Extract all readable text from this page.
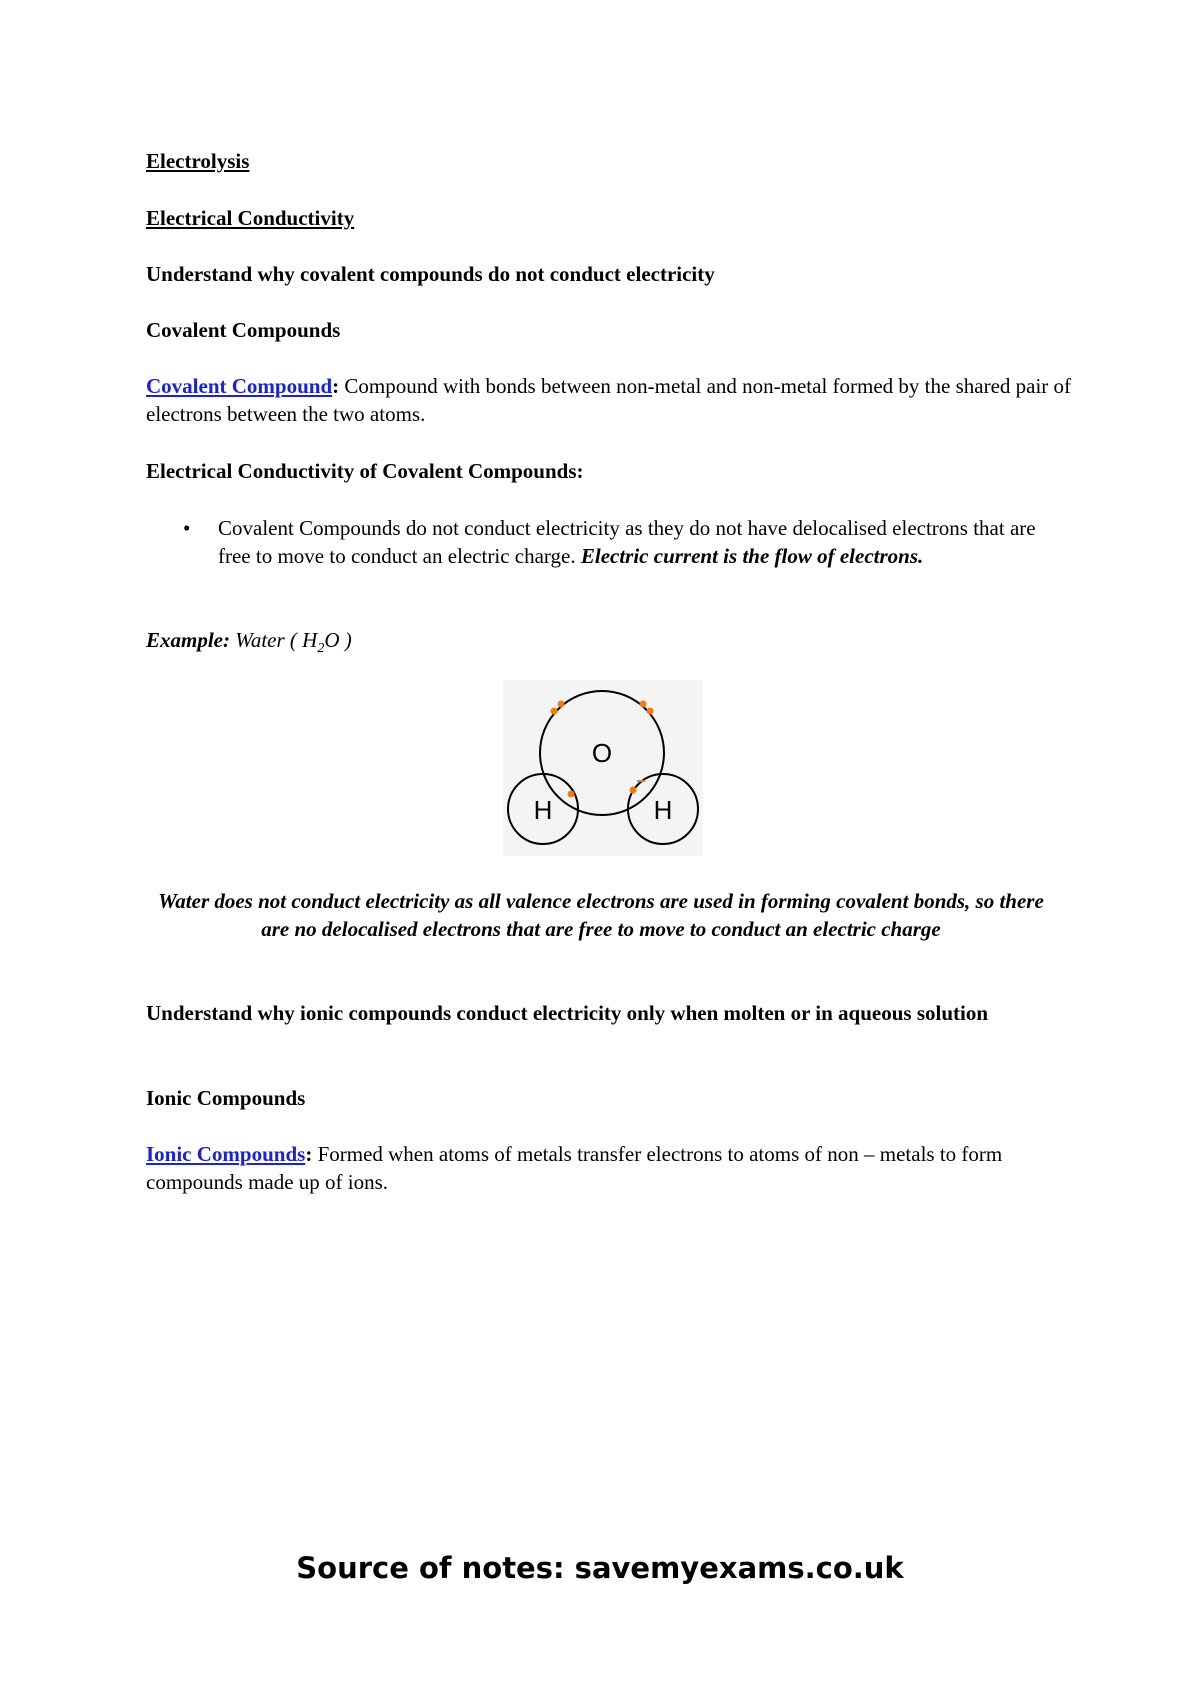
Electrolysis
Electrical Conductivity
Understand why covalent compounds do not conduct electricity
Covalent Compounds
Covalent Compound: Compound with bonds between non-metal and non-metal formed by the shared pair of electrons between the two atoms.
Electrical Conductivity of Covalent Compounds:
• Covalent Compounds do not conduct electricity as they do not have delocalised electrons that are free to move to conduct an electric charge. Electric current is the flow of electrons.
Example: Water ( $H_2O$ )
O
H	H
Water does not conduct electricity as all valence electrons are used in forming covalent bonds, so there are no delocalised electrons that are free to move to conduct an electric charge
Understand why ionic compounds conduct electricity only when molten or in aqueous solution
Ionic Compounds
Ionic Compounds: Formed when atoms of metals transfer electrons to atoms of non – metals to form compounds made up of ions.
Source of notes: savemyexams.co.uk
